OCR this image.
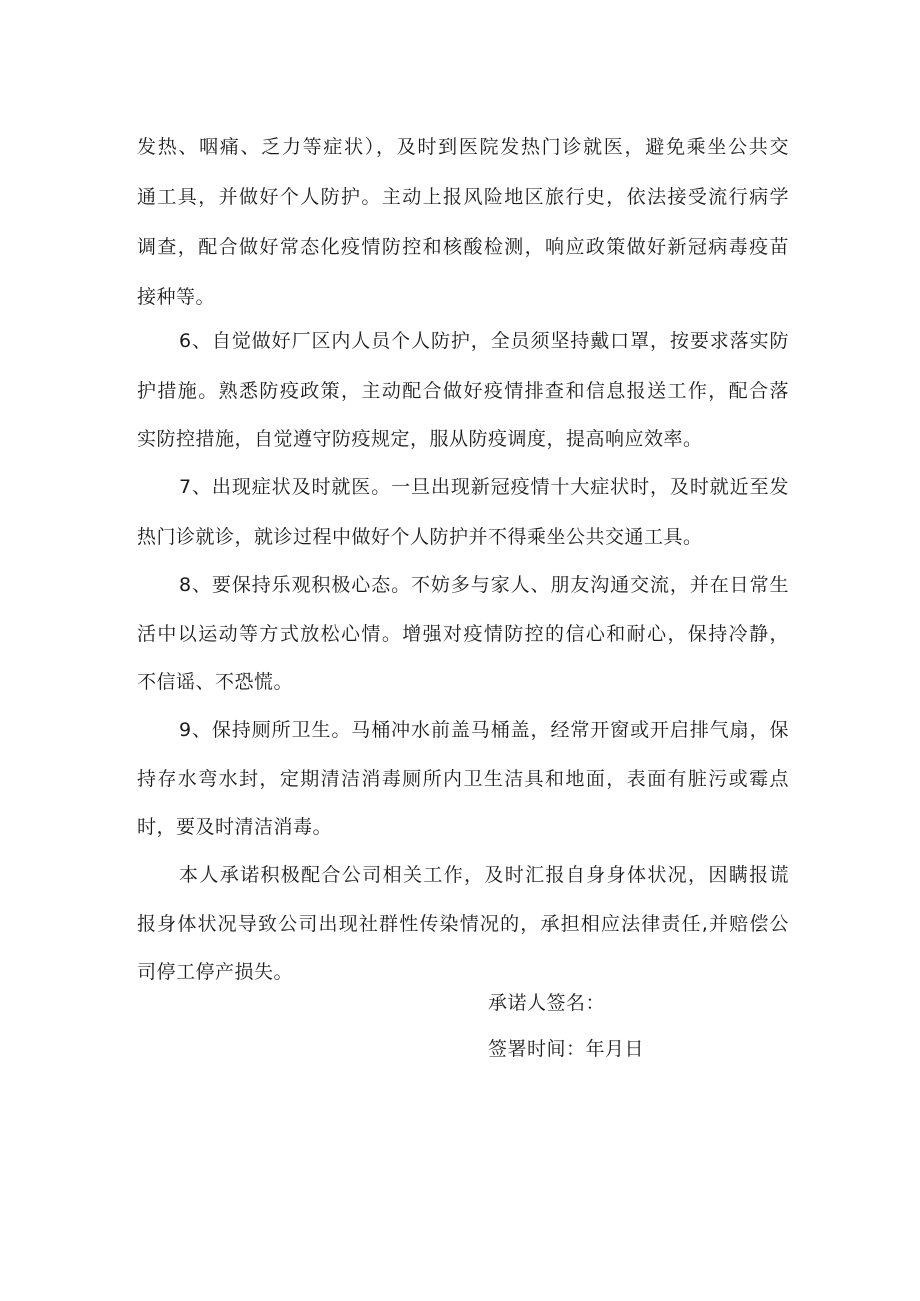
发热、咽痛、乏力等症状），及时到医院发热门诊就医，避免乘坐公共交
通工具，并做好个人防护。主动上报风险地区旅行史，依法接受流行病学
调查，配合做好常态化疫情防控和核酸检测，响应政策做好新冠病毒疫苗
接种等。
6、自觉做好厂区内人员个人防护，全员须坚持戴口罩，按要求落实防
护措施。熟悉防疫政策，主动配合做好疫情排查和信息报送工作，配合落
实防控措施，自觉遵守防疫规定，服从防疫调度，提高响应效率。
7、出现症状及时就医。一旦出现新冠疫情十大症状时，及时就近至发
热门诊就诊，就诊过程中做好个人防护并不得乘坐公共交通工具。
8、要保持乐观积极心态。不妨多与家人、朋友沟通交流，并在日常生
活中以运动等方式放松心情。增强对疫情防控的信心和耐心，保持冷静，
不信谣、不恐慌。
9、保持厕所卫生。马桶冲水前盖马桶盖，经常开窗或开启排气扇，保
持存水弯水封，定期清洁消毒厕所内卫生洁具和地面，表面有脏污或霉点
时，要及时清洁消毒。
本人承诺积极配合公司相关工作，及时汇报自身身体状况，因瞒报谎
报身体状况导致公司出现社群性传染情况的，承担相应法律责任,并赔偿公
司停工停产损失。
承诺人签名：
签署时间：年月日
